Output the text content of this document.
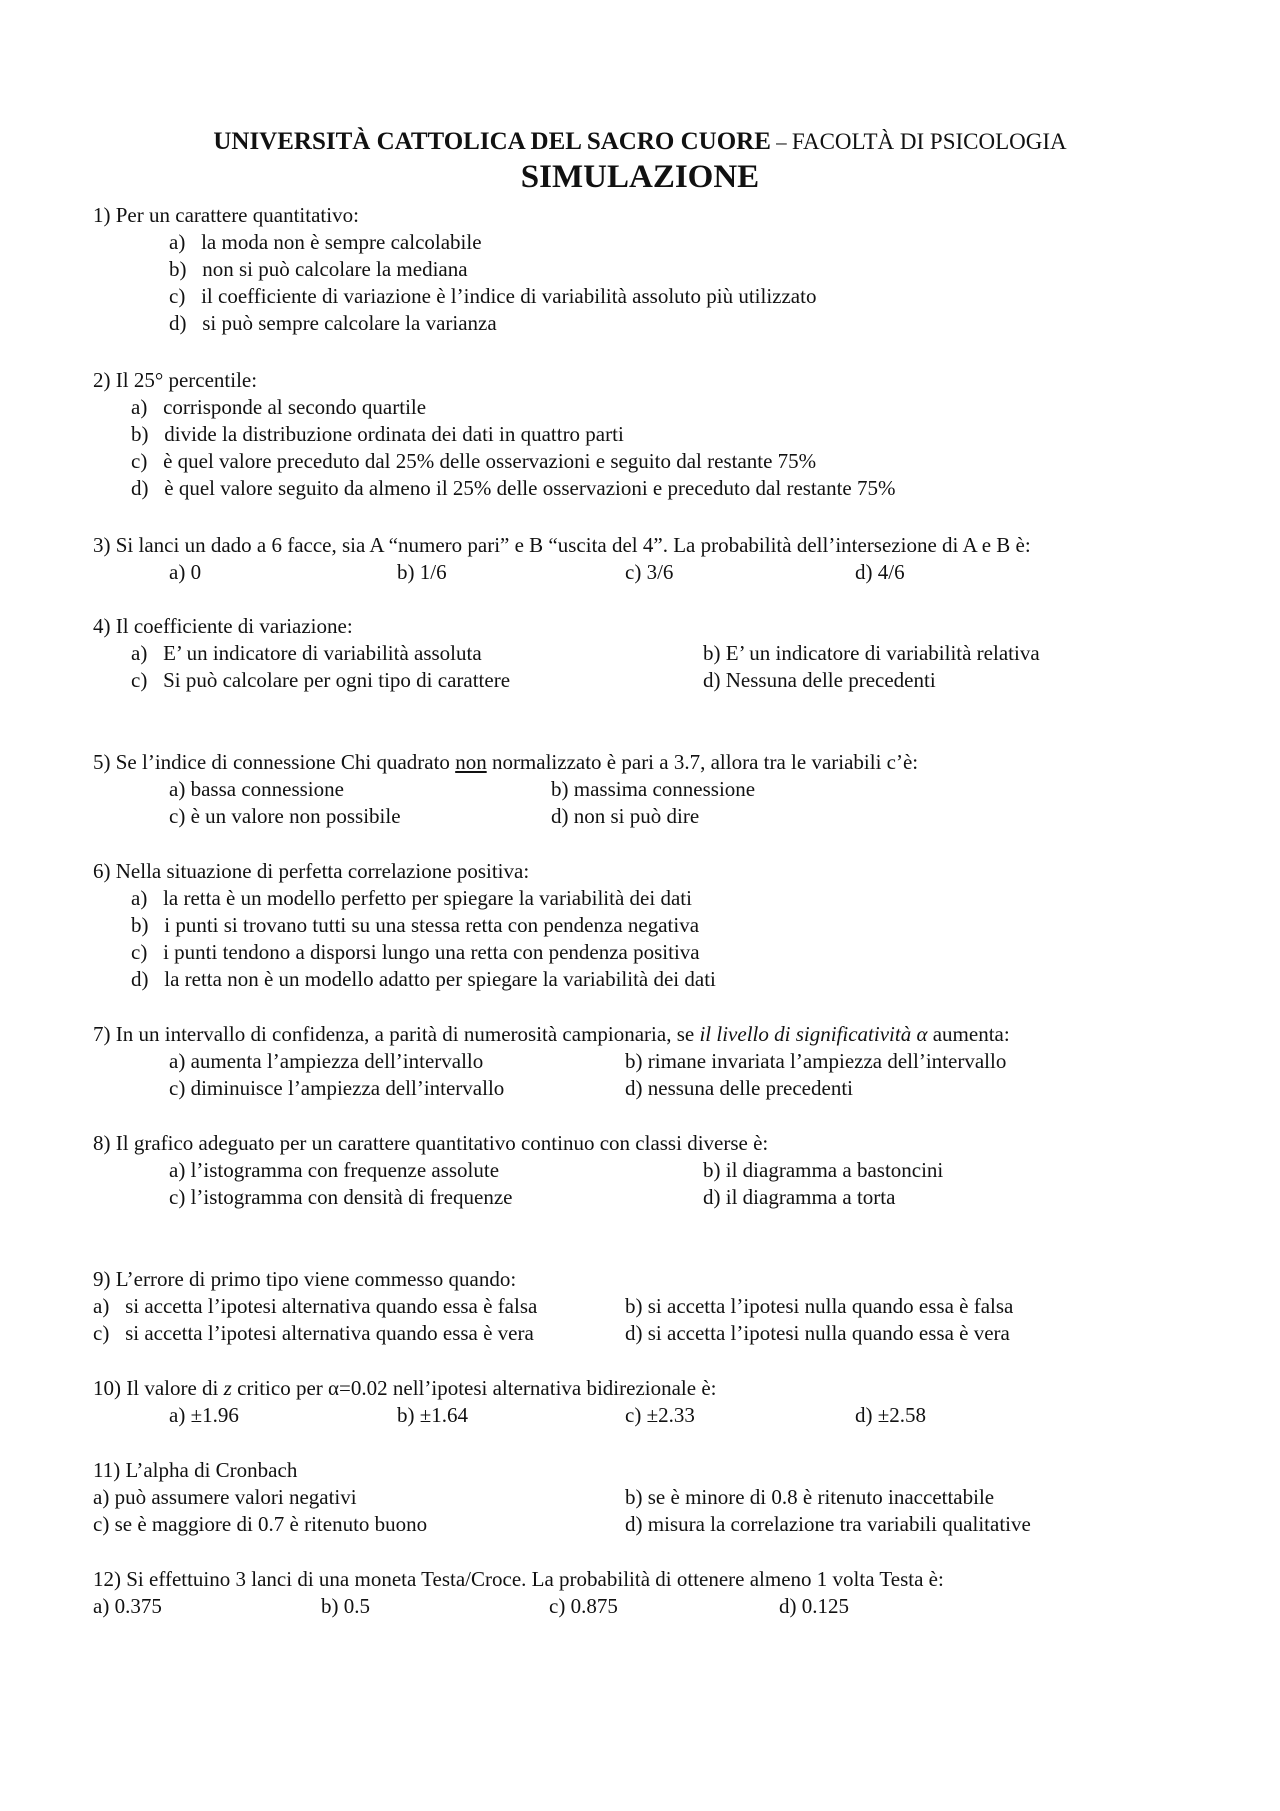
UNIVERSITÀ CATTOLICA DEL SACRO CUORE – FACOLTÀ DI PSICOLOGIA
SIMULAZIONE
1) Per un carattere quantitativo:
a) la moda non è sempre calcolabile
b) non si può calcolare la mediana
c) il coefficiente di variazione è l’indice di variabilità assoluto più utilizzato
d) si può sempre calcolare la varianza
2) Il 25° percentile:
a) corrisponde al secondo quartile
b) divide la distribuzione ordinata dei dati in quattro parti
c) è quel valore preceduto dal 25% delle osservazioni e seguito dal restante 75%
d) è quel valore seguito da almeno il 25% delle osservazioni e preceduto dal restante 75%
3) Si lanci un dado a 6 facce, sia A “numero pari” e B “uscita del 4”. La probabilità dell’intersezione di A e B è:
a) 0	b) 1/6	c) 3/6	d) 4/6
4) Il coefficiente di variazione:
a) E’ un indicatore di variabilità assoluta	b) E’ un indicatore di variabilità relativa
c) Si può calcolare per ogni tipo di carattere	d) Nessuna delle precedenti
5) Se l’indice di connessione Chi quadrato non normalizzato è pari a 3.7, allora tra le variabili c’è:
a) bassa connessione	b) massima connessione
c) è un valore non possibile	d) non si può dire
6) Nella situazione di perfetta correlazione positiva:
a) la retta è un modello perfetto per spiegare la variabilità dei dati
b) i punti si trovano tutti su una stessa retta con pendenza negativa
c) i punti tendono a disporsi lungo una retta con pendenza positiva
d) la retta non è un modello adatto per spiegare la variabilità dei dati
7) In un intervallo di confidenza, a parità di numerosità campionaria, se il livello di significatività α aumenta:
a) aumenta l’ampiezza dell’intervallo	b) rimane invariata l’ampiezza dell’intervallo
c) diminuisce l’ampiezza dell’intervallo	d) nessuna delle precedenti
8) Il grafico adeguato per un carattere quantitativo continuo con classi diverse è:
a) l’istogramma con frequenze assolute	b) il diagramma a bastoncini
c) l’istogramma con densità di frequenze	d) il diagramma a torta
9) L’errore di primo tipo viene commesso quando:
a) si accetta l’ipotesi alternativa quando essa è falsa	b) si accetta l’ipotesi nulla quando essa è falsa
c) si accetta l’ipotesi alternativa quando essa è vera	d) si accetta l’ipotesi nulla quando essa è vera
10) Il valore di z critico per α=0.02 nell’ipotesi alternativa bidirezionale è:
a) ±1.96	b) ±1.64	c) ±2.33	d) ±2.58
11) L’alpha di Cronbach
a) può assumere valori negativi	b) se è minore di 0.8 è ritenuto inaccettabile
c) se è maggiore di 0.7 è ritenuto buono	d) misura la correlazione tra variabili qualitative
12) Si effettuino 3 lanci di una moneta Testa/Croce. La probabilità di ottenere almeno 1 volta Testa è:
a) 0.375	b) 0.5	c) 0.875	d) 0.125
